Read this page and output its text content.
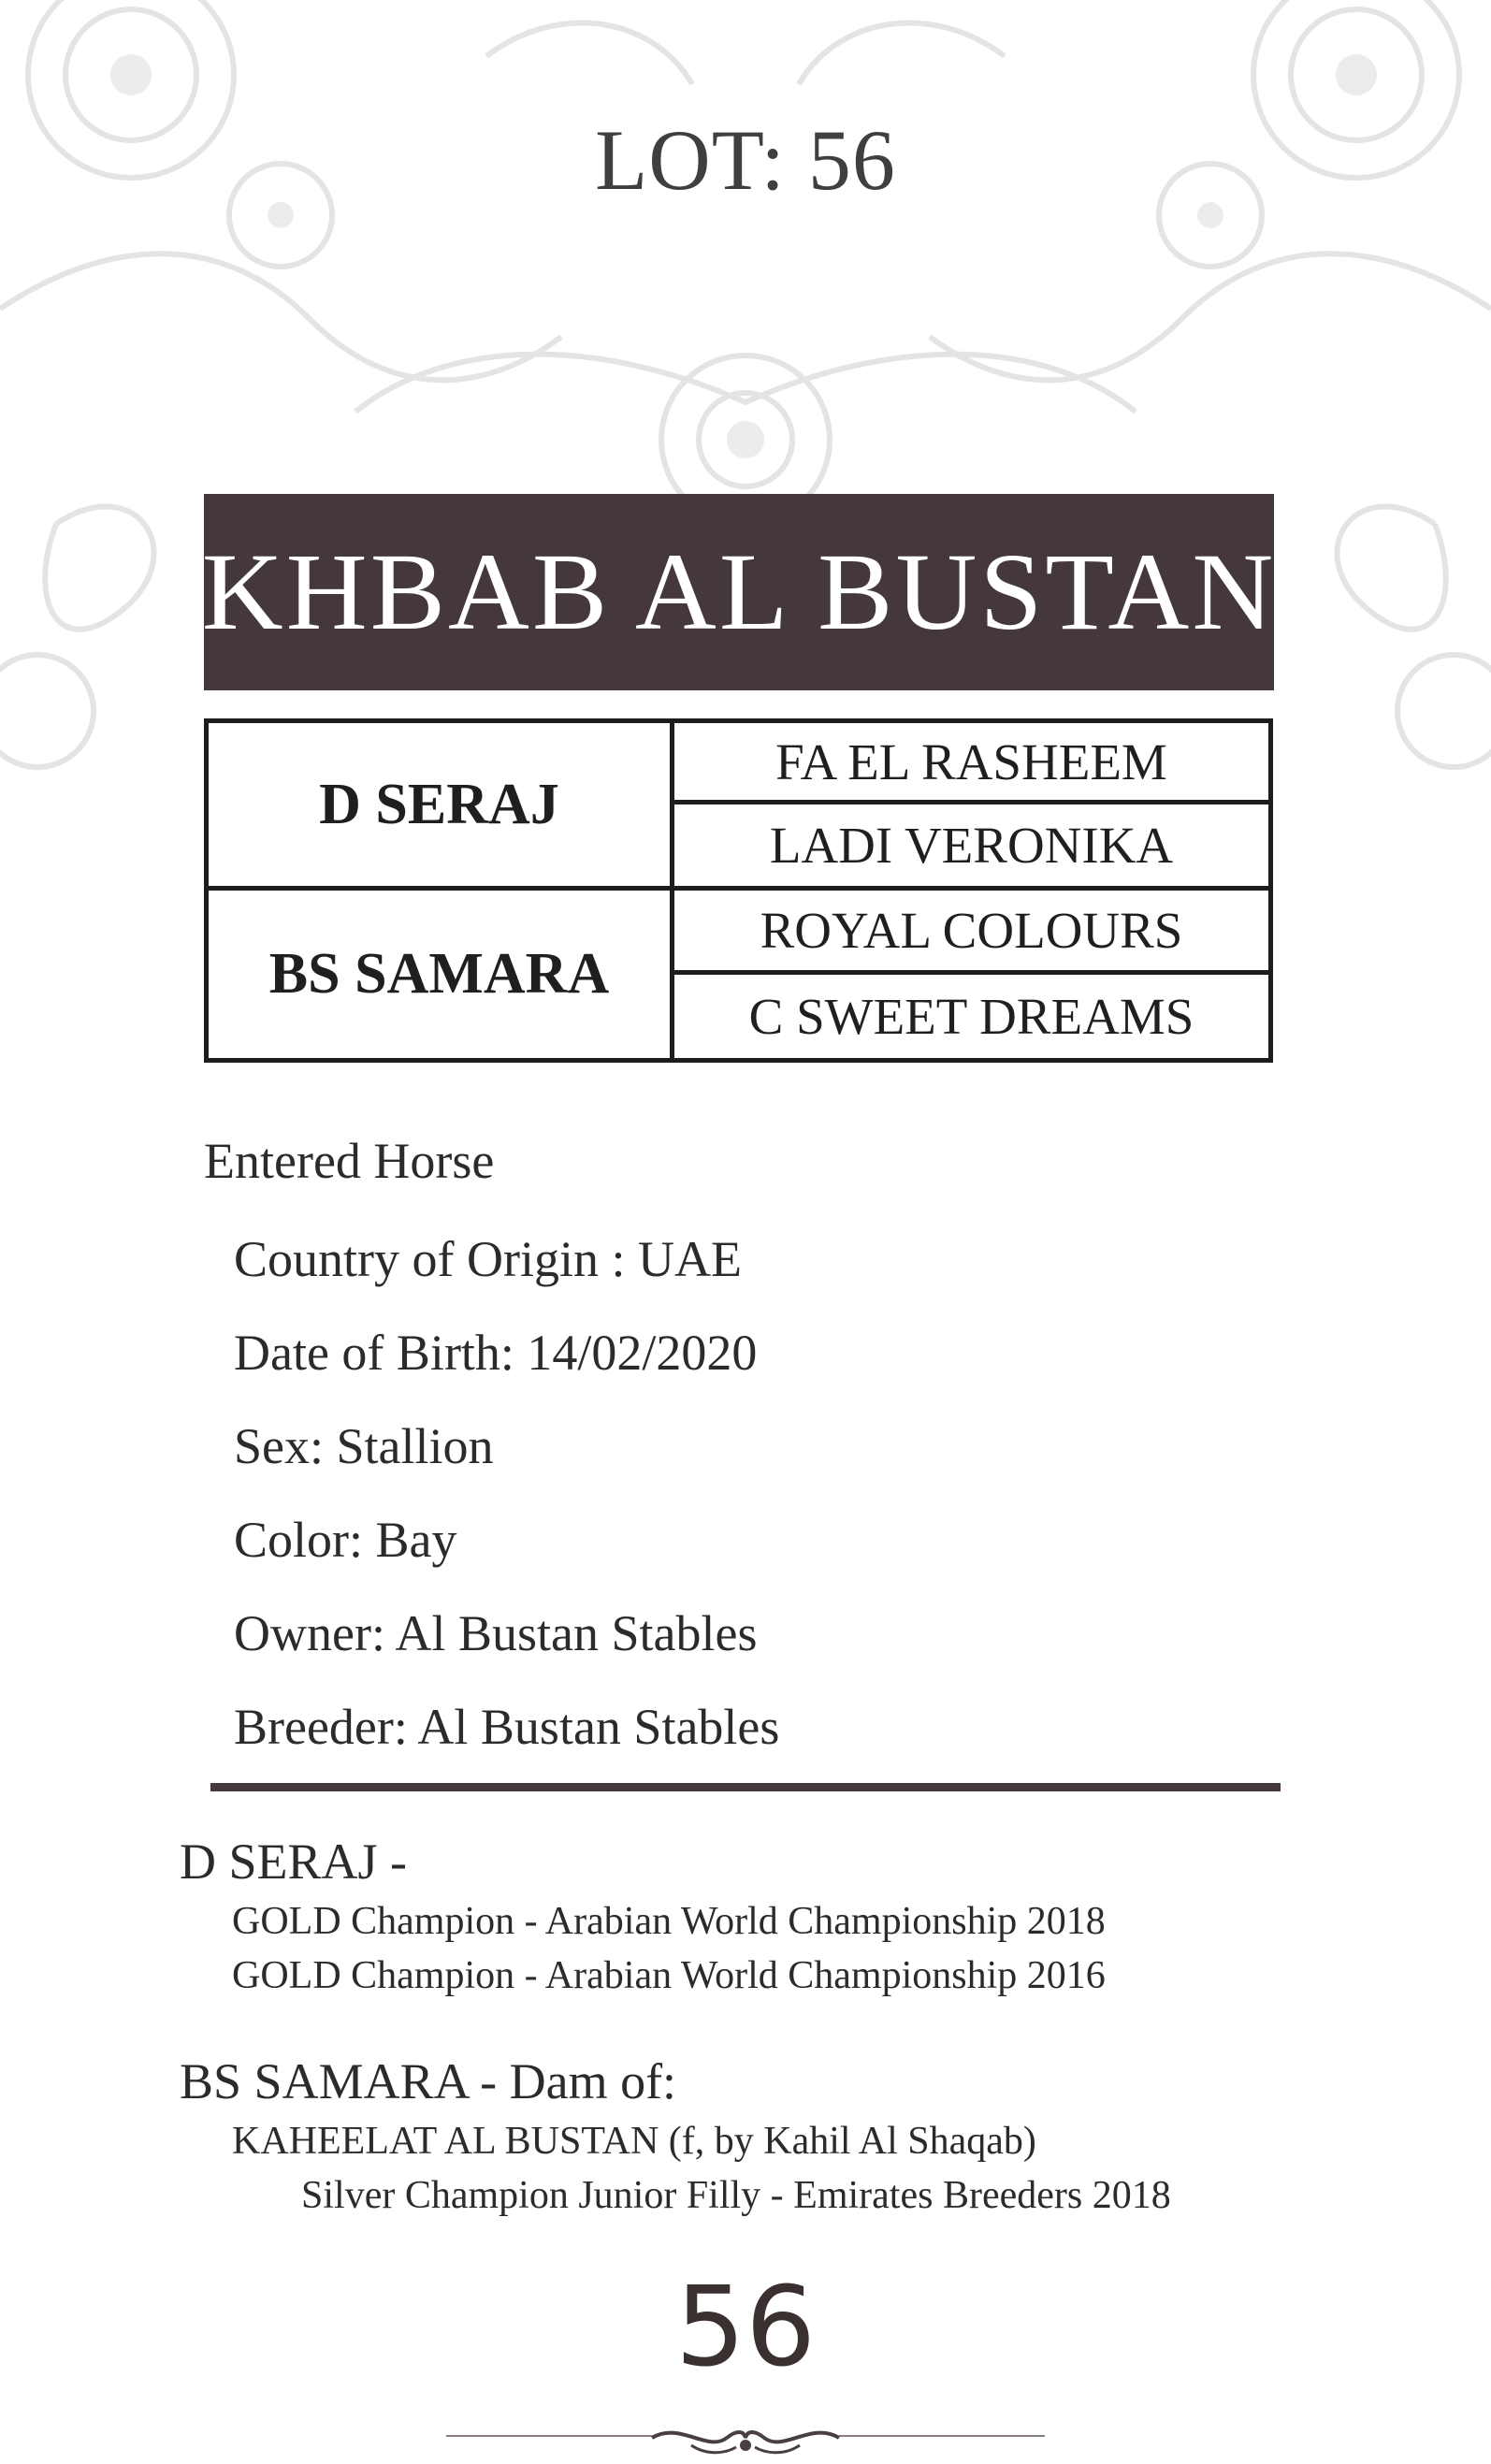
LOT: 56
KHBAB AL BUSTAN
D SERAJ
FA EL RASHEEM
LADI VERONIKA
BS SAMARA
ROYAL COLOURS
C SWEET DREAMS
Entered Horse
Country of Origin : UAE
Date of Birth: 14/02/2020
Sex: Stallion
Color: Bay
Owner: Al Bustan Stables
Breeder: Al Bustan Stables
D SERAJ -
GOLD Champion - Arabian World Championship 2018
GOLD Champion - Arabian World Championship 2016
BS SAMARA - Dam of:
KAHEELAT AL BUSTAN (f, by Kahil Al Shaqab)
Silver Champion Junior Filly - Emirates Breeders 2018
56
